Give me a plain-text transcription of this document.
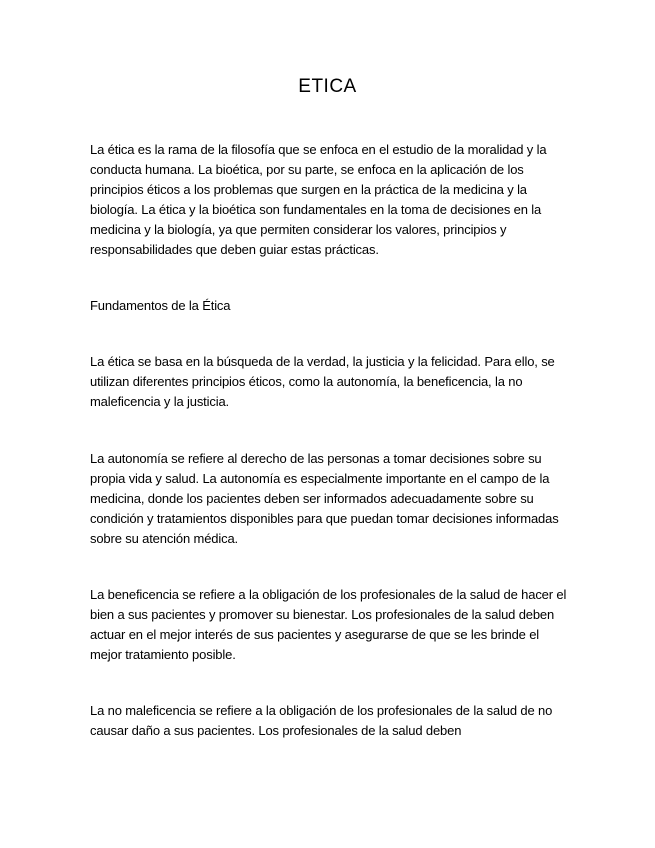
ETICA

La ética es la rama de la filosofía que se enfoca en el estudio de la moralidad y la conducta humana. La bioética, por su parte, se enfoca en la aplicación de los principios éticos a los problemas que surgen en la práctica de la medicina y la biología. La ética y la bioética son fundamentales en la toma de decisiones en la medicina y la biología, ya que permiten considerar los valores, principios y responsabilidades que deben guiar estas prácticas.

Fundamentos de la Ética

La ética se basa en la búsqueda de la verdad, la justicia y la felicidad. Para ello, se utilizan diferentes principios éticos, como la autonomía, la beneficencia, la no maleficencia y la justicia.

La autonomía se refiere al derecho de las personas a tomar decisiones sobre su propia vida y salud. La autonomía es especialmente importante en el campo de la medicina, donde los pacientes deben ser informados adecuadamente sobre su condición y tratamientos disponibles para que puedan tomar decisiones informadas sobre su atención médica.

La beneficencia se refiere a la obligación de los profesionales de la salud de hacer el bien a sus pacientes y promover su bienestar. Los profesionales de la salud deben actuar en el mejor interés de sus pacientes y asegurarse de que se les brinde el mejor tratamiento posible.

La no maleficencia se refiere a la obligación de los profesionales de la salud de no causar daño a sus pacientes. Los profesionales de la salud deben
